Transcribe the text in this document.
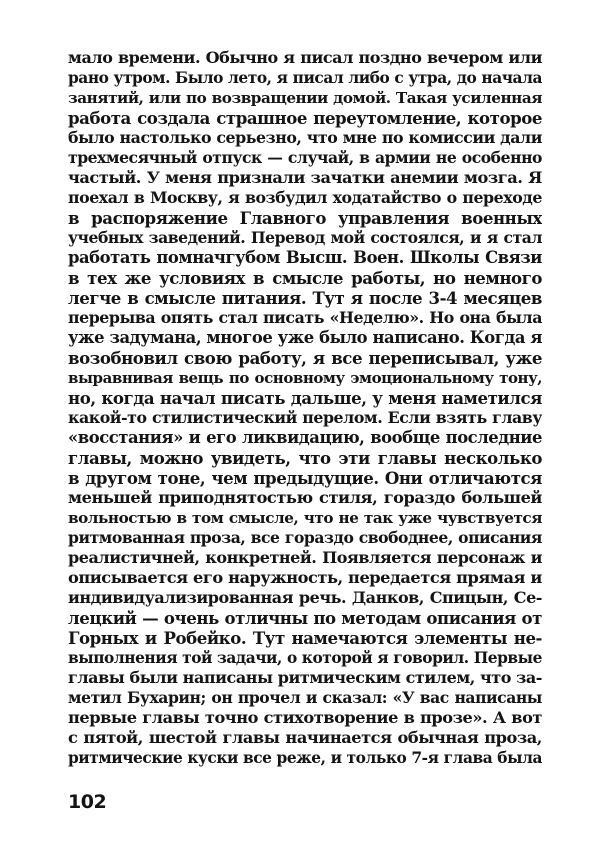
мало времени. Обычно я писал поздно вечером или
рано утром. Было лето, я писал либо с утра, до начала
занятий, или по возвращении домой. Такая усиленная
работа создала страшное переутомление, которое
было настолько серьезно, что мне по комиссии дали
трехмесячный отпуск — случай, в армии не особенно
частый. У меня признали зачатки анемии мозга. Я
поехал в Москву, я возбудил ходатайство о переходе
в распоряжение Главного управления военных
учебных заведений. Перевод мой состоялся, и я стал
работать помначгубом Высш. Воен. Школы Связи
в тех же условиях в смысле работы, но немного
легче в смысле питания. Тут я после 3-4 месяцев
перерыва опять стал писать «Неделю». Но она была
уже задумана, многое уже было написано. Когда я
возобновил свою работу, я все переписывал, уже
выравнивая вещь по основному эмоциональному тону,
но, когда начал писать дальше, у меня наметился
какой-то стилистический перелом. Если взять главу
«восстания» и его ликвидацию, вообще последние
главы, можно увидеть, что эти главы несколько
в другом тоне, чем предыдущие. Они отличаются
меньшей приподнятостью стиля, гораздо большей
вольностью в том смысле, что не так уже чувствуется
ритмованная проза, все гораздо свободнее, описания
реалистичней, конкретней. Появляется персонаж и
описывается его наружность, передается прямая и
индивидуализированная речь. Данков, Спицын, Се-
лецкий — очень отличны по методам описания от
Горных и Робейко. Тут намечаются элементы не-
выполнения той задачи, о которой я говорил. Первые
главы были написаны ритмическим стилем, что за-
метил Бухарин; он прочел и сказал: «У вас написаны
первые главы точно стихотворение в прозе». А вот
с пятой, шестой главы начинается обычная проза,
ритмические куски все реже, и только 7-я глава была
102
